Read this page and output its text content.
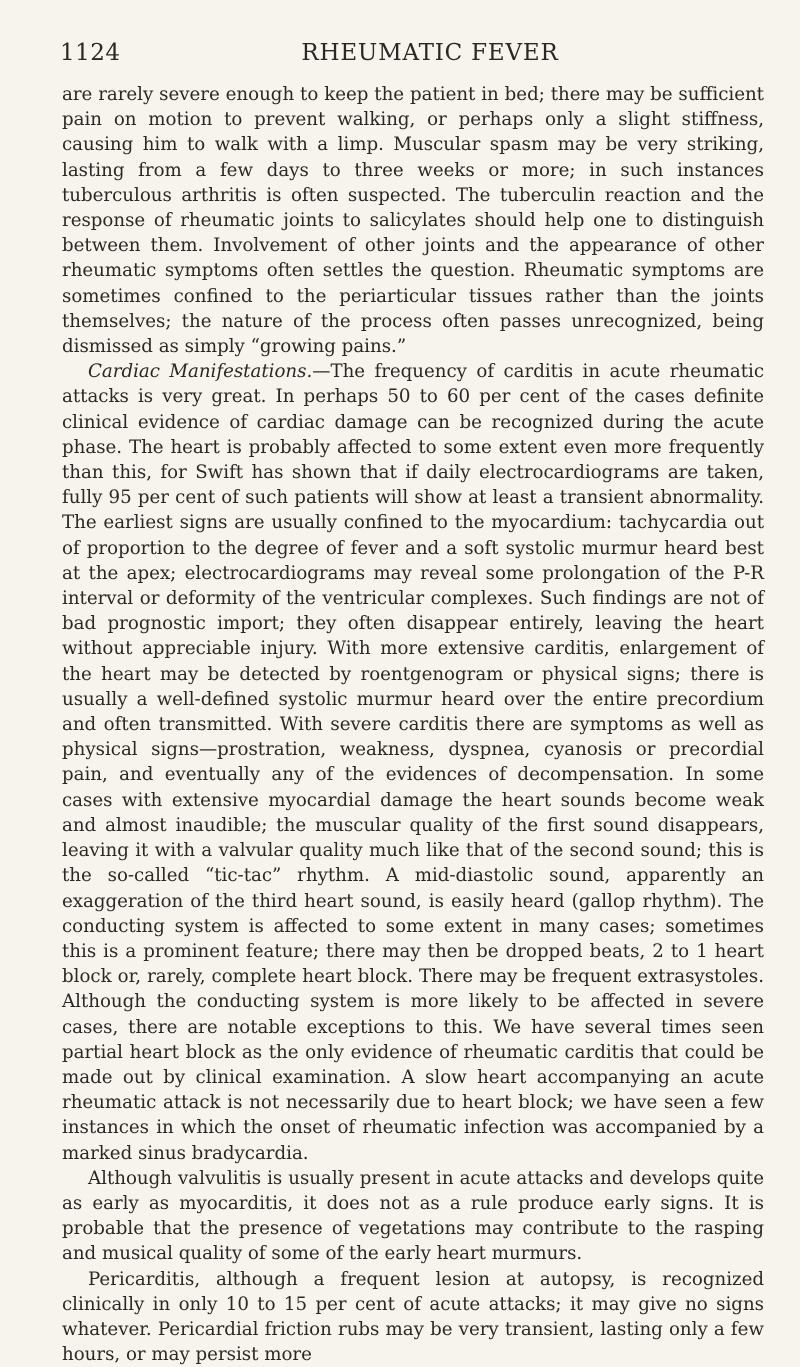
1124	RHEUMATIC FEVER

are rarely severe enough to keep the patient in bed; there may be sufficient pain on motion to prevent walking, or perhaps only a slight stiffness, causing him to walk with a limp. Muscular spasm may be very striking, lasting from a few days to three weeks or more; in such instances tuberculous arthritis is often suspected. The tuberculin reaction and the response of rheumatic joints to salicylates should help one to distinguish between them. Involvement of other joints and the appearance of other rheumatic symptoms often settles the question. Rheumatic symptoms are sometimes confined to the periarticular tissues rather than the joints themselves; the nature of the process often passes unrecognized, being dismissed as simply “growing pains.”

Cardiac Manifestations.—The frequency of carditis in acute rheumatic attacks is very great. In perhaps 50 to 60 per cent of the cases definite clinical evidence of cardiac damage can be recognized during the acute phase. The heart is probably affected to some extent even more frequently than this, for Swift has shown that if daily electrocardiograms are taken, fully 95 per cent of such patients will show at least a transient abnormality. The earliest signs are usually confined to the myocardium: tachycardia out of proportion to the degree of fever and a soft systolic murmur heard best at the apex; electrocardiograms may reveal some prolongation of the P-R interval or deformity of the ventricular complexes. Such findings are not of bad prognostic import; they often disappear entirely, leaving the heart without appreciable injury. With more extensive carditis, enlargement of the heart may be detected by roentgenogram or physical signs; there is usually a well-defined systolic murmur heard over the entire precordium and often transmitted. With severe carditis there are symptoms as well as physical signs—prostration, weakness, dyspnea, cyanosis or precordial pain, and eventually any of the evidences of decompensation. In some cases with extensive myocardial damage the heart sounds become weak and almost inaudible; the muscular quality of the first sound disappears, leaving it with a valvular quality much like that of the second sound; this is the so-called “tic-tac” rhythm. A mid-diastolic sound, apparently an exaggeration of the third heart sound, is easily heard (gallop rhythm). The conducting system is affected to some extent in many cases; sometimes this is a prominent feature; there may then be dropped beats, 2 to 1 heart block or, rarely, complete heart block. There may be frequent extrasystoles. Although the conducting system is more likely to be affected in severe cases, there are notable exceptions to this. We have several times seen partial heart block as the only evidence of rheumatic carditis that could be made out by clinical examination. A slow heart accompanying an acute rheumatic attack is not necessarily due to heart block; we have seen a few instances in which the onset of rheumatic infection was accompanied by a marked sinus bradycardia.

Although valvulitis is usually present in acute attacks and develops quite as early as myocarditis, it does not as a rule produce early signs. It is probable that the presence of vegetations may contribute to the rasping and musical quality of some of the early heart murmurs.

Pericarditis, although a frequent lesion at autopsy, is recognized clinically in only 10 to 15 per cent of acute attacks; it may give no signs whatever. Pericardial friction rubs may be very transient, lasting only a few hours, or may persist more
